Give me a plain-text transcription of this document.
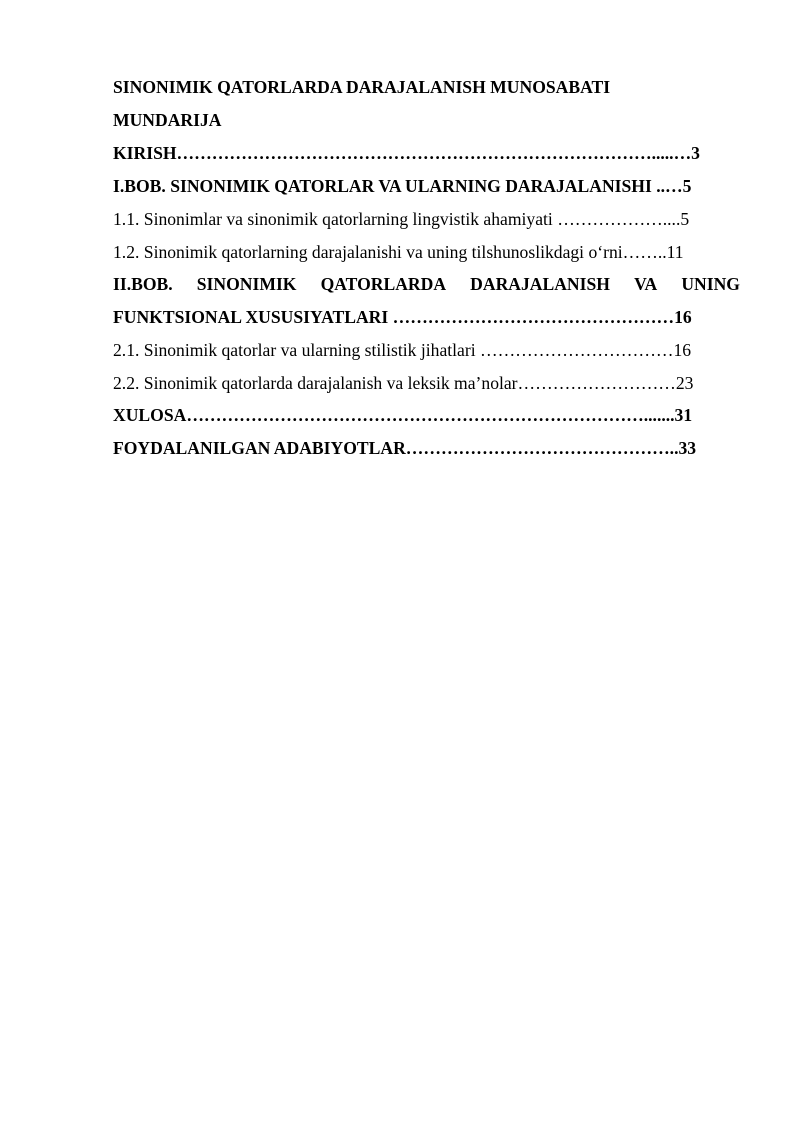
SINONIMIK QATORLARDA DARAJALANISH MUNOSABATI
MUNDARIJA
KIRISH……………………………………………………………………….....…3
I.BOB. SINONIMIK QATORLAR VA ULARNING DARAJALANISHI ..…5
1.1. Sinonimlar va sinonimik qatorlarning lingvistik ahamiyati ………………....5
1.2. Sinonimik qatorlarning darajalanishi va uning tilshunoslikdagi o‘rni……..11
II.BOB. SINONIMIK QATORLARDA DARAJALANISH VA UNING
FUNKTSIONAL XUSUSIYATLARI …………………………………………16
2.1. Sinonimik qatorlar va ularning stilistik jihatlari ……………………………16
2.2. Sinonimik qatorlarda darajalanish va leksik ma’nolar………………………23
XULOSA…………………………………………………………………….......31
FOYDALANILGAN ADABIYOTLAR………………………………………..33
